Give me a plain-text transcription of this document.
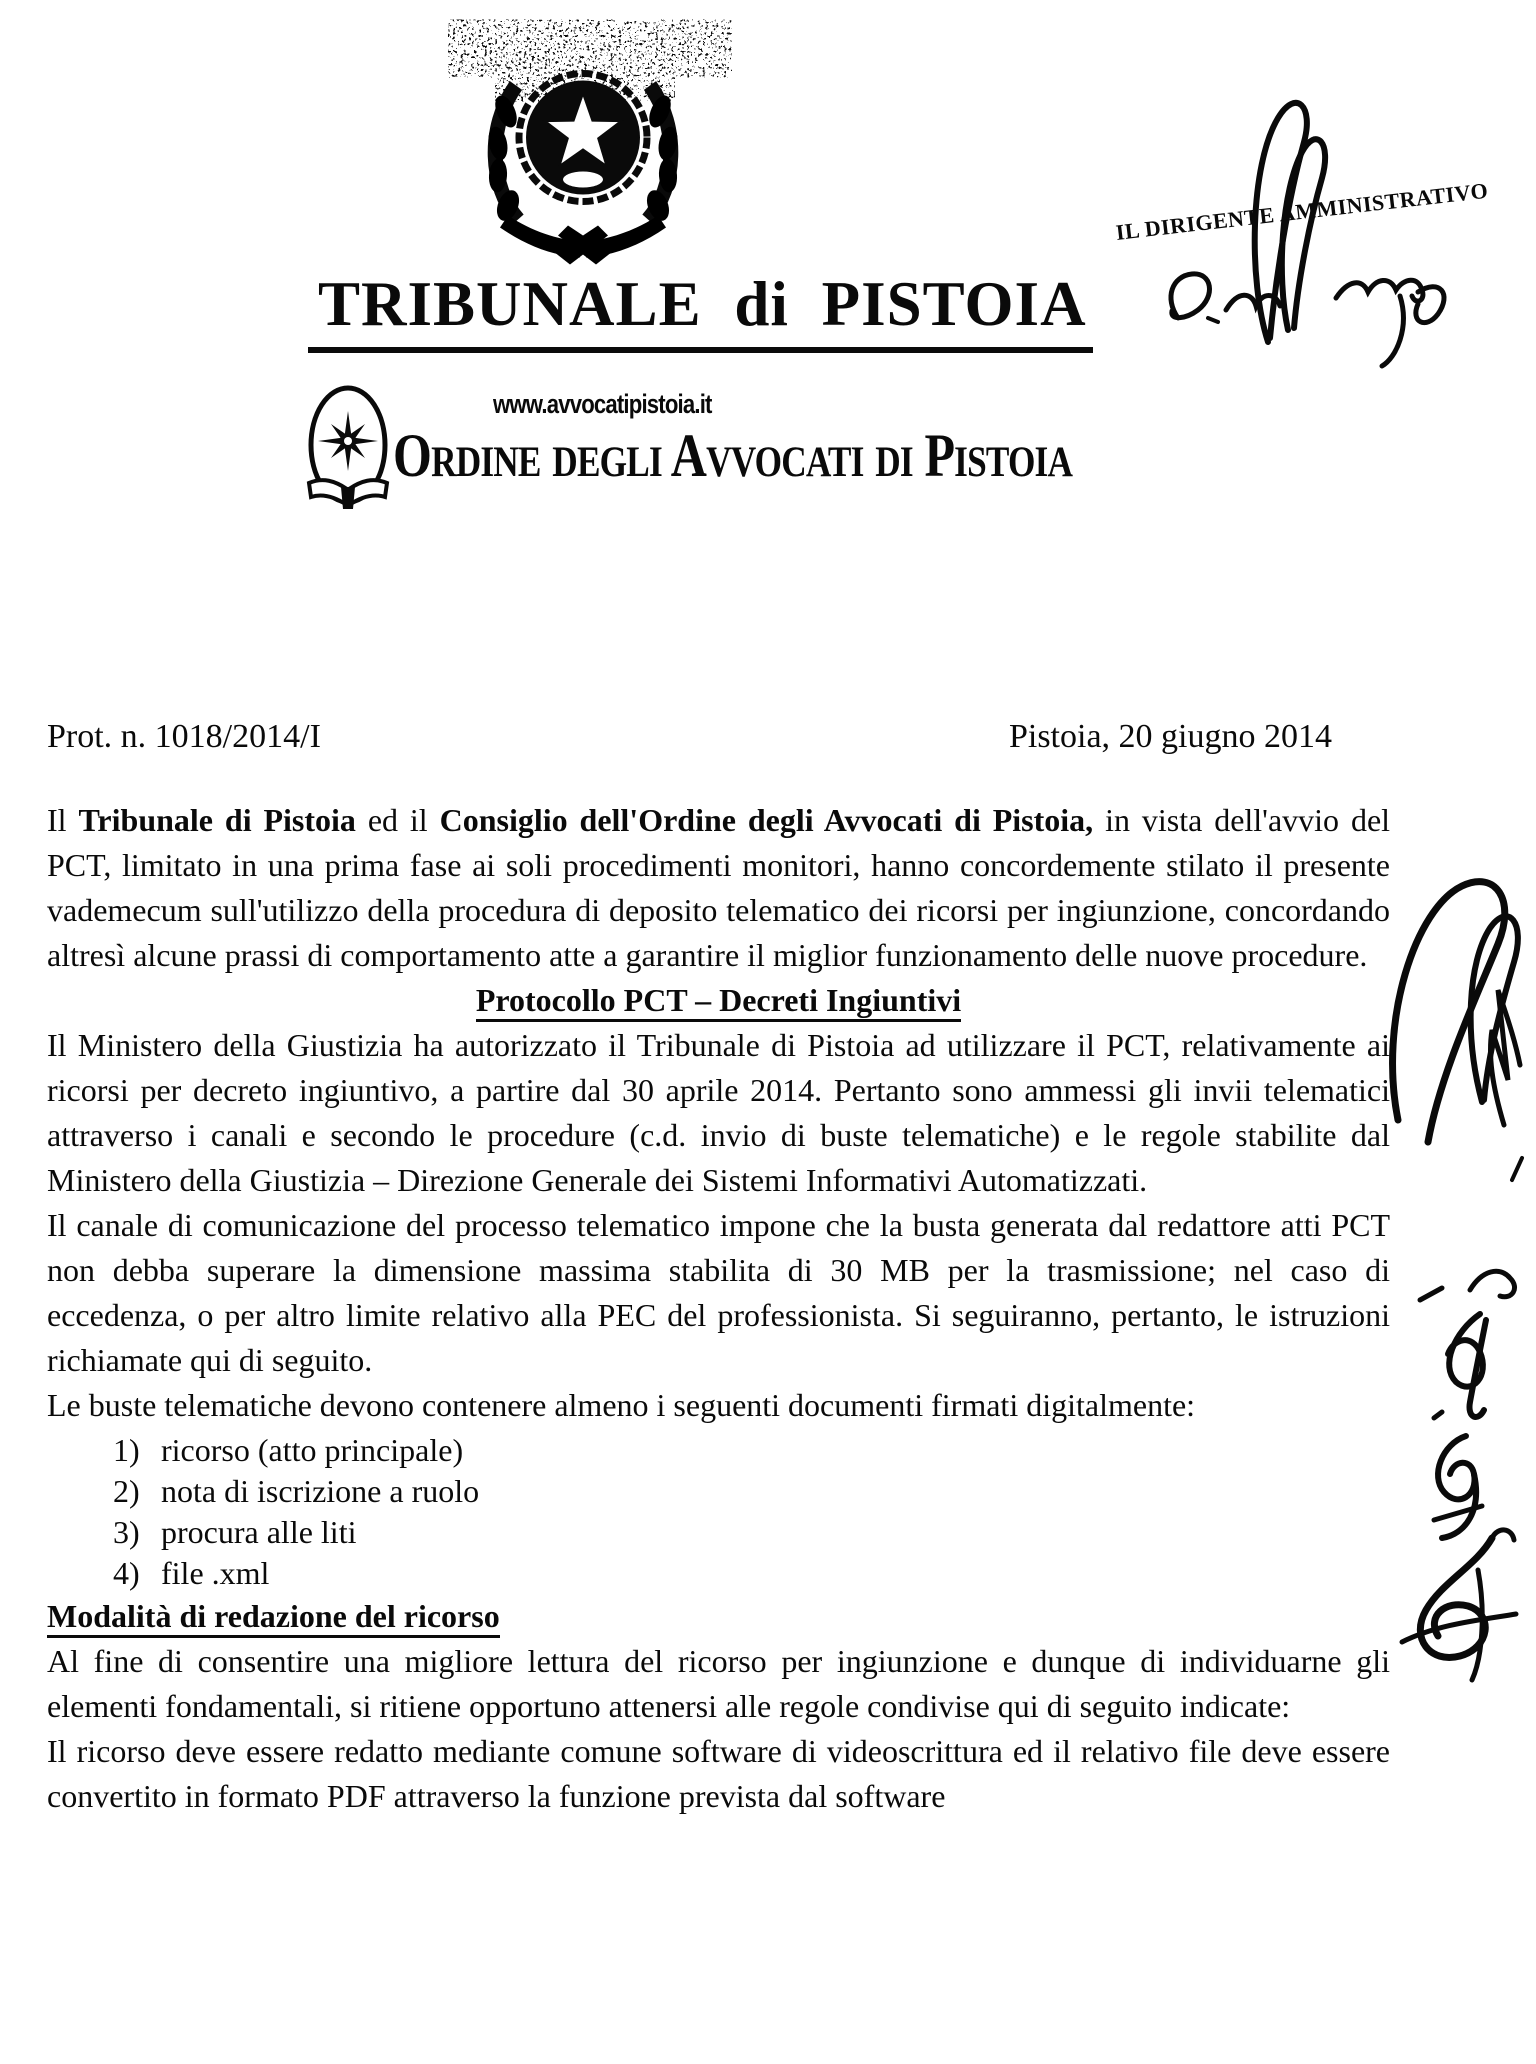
TRIBUNALE di PISTOIA
IL DIRIGENTE AMMINISTRATIVO
www.avvocatipistoia.it
Ordine degli Avvocati di Pistoia
Prot. n. 1018/2014/I	Pistoia, 20 giugno 2014

Il Tribunale di Pistoia ed il Consiglio dell'Ordine degli Avvocati di Pistoia, in vista dell'avvio del PCT, limitato in una prima fase ai soli procedimenti monitori, hanno concordemente stilato il presente vademecum sull'utilizzo della procedura di deposito telematico dei ricorsi per ingiunzione, concordando altresì alcune prassi di comportamento atte a garantire il miglior funzionamento delle nuove procedure.

Protocollo PCT – Decreti Ingiuntivi

Il Ministero della Giustizia ha autorizzato il Tribunale di Pistoia ad utilizzare il PCT, relativamente ai ricorsi per decreto ingiuntivo, a partire dal 30 aprile 2014. Pertanto sono ammessi gli invii telematici attraverso i canali e secondo le procedure (c.d. invio di buste telematiche) e le regole stabilite dal Ministero della Giustizia – Direzione Generale dei Sistemi Informativi Automatizzati.

Il canale di comunicazione del processo telematico impone che la busta generata dal redattore atti PCT non debba superare la dimensione massima stabilita di 30 MB per la trasmissione; nel caso di eccedenza, o per altro limite relativo alla PEC del professionista. Si seguiranno, pertanto, le istruzioni richiamate qui di seguito.

Le buste telematiche devono contenere almeno i seguenti documenti firmati digitalmente:

1) ricorso (atto principale)
2) nota di iscrizione a ruolo
3) procura alle liti
4) file .xml

Modalità di redazione del ricorso

Al fine di consentire una migliore lettura del ricorso per ingiunzione e dunque di individuarne gli elementi fondamentali, si ritiene opportuno attenersi alle regole condivise qui di seguito indicate:

Il ricorso deve essere redatto mediante comune software di videoscrittura ed il relativo file deve essere convertito in formato PDF attraverso la funzione prevista dal software
